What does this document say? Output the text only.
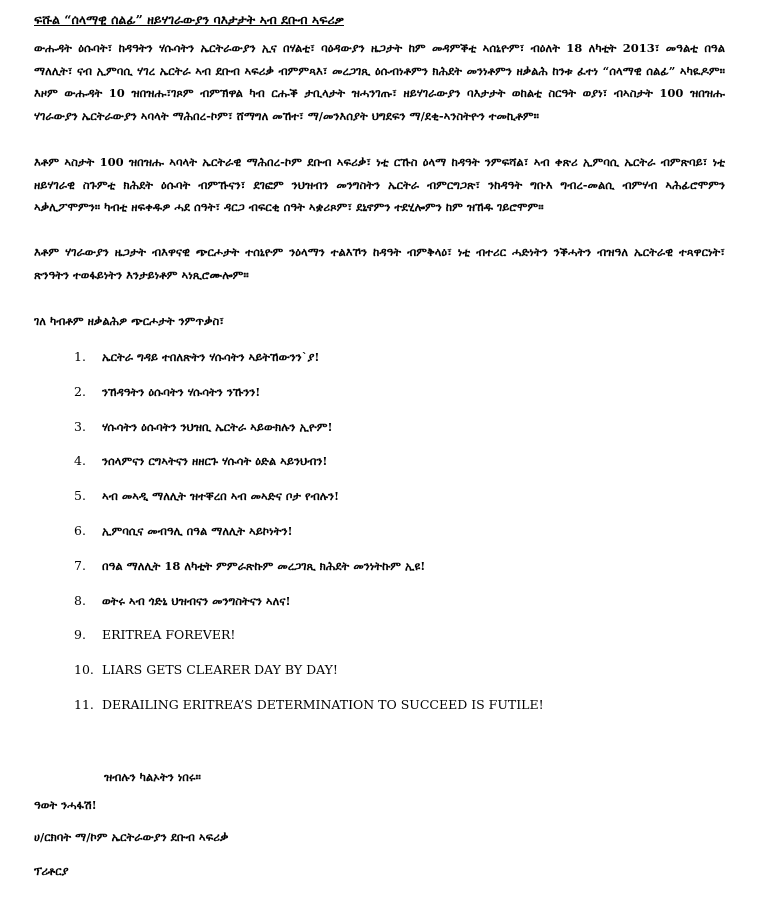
ፍሹል “ሰላማዊ ሰልፊ” ዘይሃገራውያን ባእታታት ኣብ ደቡብ ኣፍሪቃ

ውሑዳት ዕሱባት፣ ከዳዓትን ሃሱሳትን ኤርትራውያን ኢና በሃልቲ፣ ባዕዳውያን ዜጋታት ከም መዳምቕቲ ኣሰኒዮም፣ ብዕለት 18 ለካቲት 2013፣ መዓልቲ በዓል ማለሊት፣ ናብ ኢምባሲ ሃገረ ኤርትራ ኣብ ደቡብ ኣፍሪቃ ብምምጻእ፣ መረጋገጺ ዕሱብነቶምን ክሕደት መንነቶምን ዘቃልሕ ከንቱ ፈተነ “ሰላማዊ ሰልፊ” ኣካዪዶም። እዞም ውሑዳት 10 ዝበዝሑ፣ገጾም ብምኽዋል ካብ ርሑቕ ታቢላታት ዝሓንገጡ፣ ዘይሃገራውያን ባእታታት ወከልቲ ስርዓት ወያነ፣ ብኣስታት 100 ዝበዝሑ ሃገራውያን ኤርትራውያን ኣባላት ማሕበረ-ኮም፣ ሸማግለ መኸተ፣ ማ/መንእሰያት ህግደፍን ማ/ደቂ-ኣንስትዮን ተመኪቶም።

እቶም ኣስታት 100 ዝበዝሑ ኣባላት ኤርትራዊ ማሕበረ-ኮም ደቡብ ኣፍሪቃ፣ ነቲ ርኹስ ዕላማ ከዳዓት ንምፍሻል፣ ኣብ ቀጽሪ ኢምባሲ ኤርትራ ብምጽባይ፣ ነቲ ዘይሃገራዊ ስጉምቲ ክሕደት ዕሱባት ብምኹናን፣ ደገፎም ንህዝብን መንግስትን ኤርትራ ብምርግጋጽ፣ ንከዳዓት ግቡእ ግብረ-መልሲ ብምሃብ ኣሕፊሮሞምን ኣቃሊፖሞምን። ካብቲ ዘፍቀዱዎ ሓደ ሰዓት፣ ዳርጋ ብፍርቂ ሰዓት ኣቋሪጾም፣ ደኒኖምን ተደሂሎምን ከም ዝኸዱ ገይሮሞም።

እቶም ሃገራውያን ዜጋታት ብእዋናዊ ጭርሖታት ተሰኒዮም ንዕላማን ተልእኾን ከዳዓት ብምቅላዕ፣ ነቲ ብተሪር ሓድነትን ንቕሓትን ብዝዓለ ኤርትራዊ ተጻዋርነት፣ ጽንዓትን ተወፋይነትን እንታይነቶም ኣነጺሮሙሎም።

ገለ ካብቶም ዘቃልሕዎ ጭርሖታት ንምጥቃስ፣
1. ኤርትራ ግዳይ ተበለጽትን ሃሱሳትን ኣይትኸውንን`ያ!
2. ንኸዳዓትን ዕሱባትን ሃሱሳትን ንኹንን!
3. ሃሱሳትን ዕሱባትን ንህዝቢ ኤርትራ ኣይውክሉን ኢዮም!
4. ንሰላምናን ርግኣትናን ዘዘርጉ ሃሱሳት ዕድል ኣይንህብን!
5. ኣብ መኣዲ ማለሊት ዝተቐረበ ኣብ መኣድና ቦታ የብሉን!
6. ኢምባሲና መብዓሊ በዓል ማለሊት ኣይኮነትን!
7. በዓል ማለሊት 18 ለካቲት ምምራጽኩም መረጋገጺ ክሕደት መንነትኩም ኢዩ!
8. ወትሩ ኣብ ጎድኒ ህዝብናን መንግስትናን ኣለና!
9. ERITREA FOREVER!
10. LIARS GETS CLEARER DAY BY DAY!
11. DERAILING ERITREA’S DETERMINATION TO SUCCEED IS FUTILE!
ዝብሉን ካልኦትን ነበሩ።
ዓወት ንሓፋሽ!
ሀ/ርክባት ማ/ኮም ኤርትራውያን ደቡብ ኣፍሪቃ
ፕሪቶርያ
